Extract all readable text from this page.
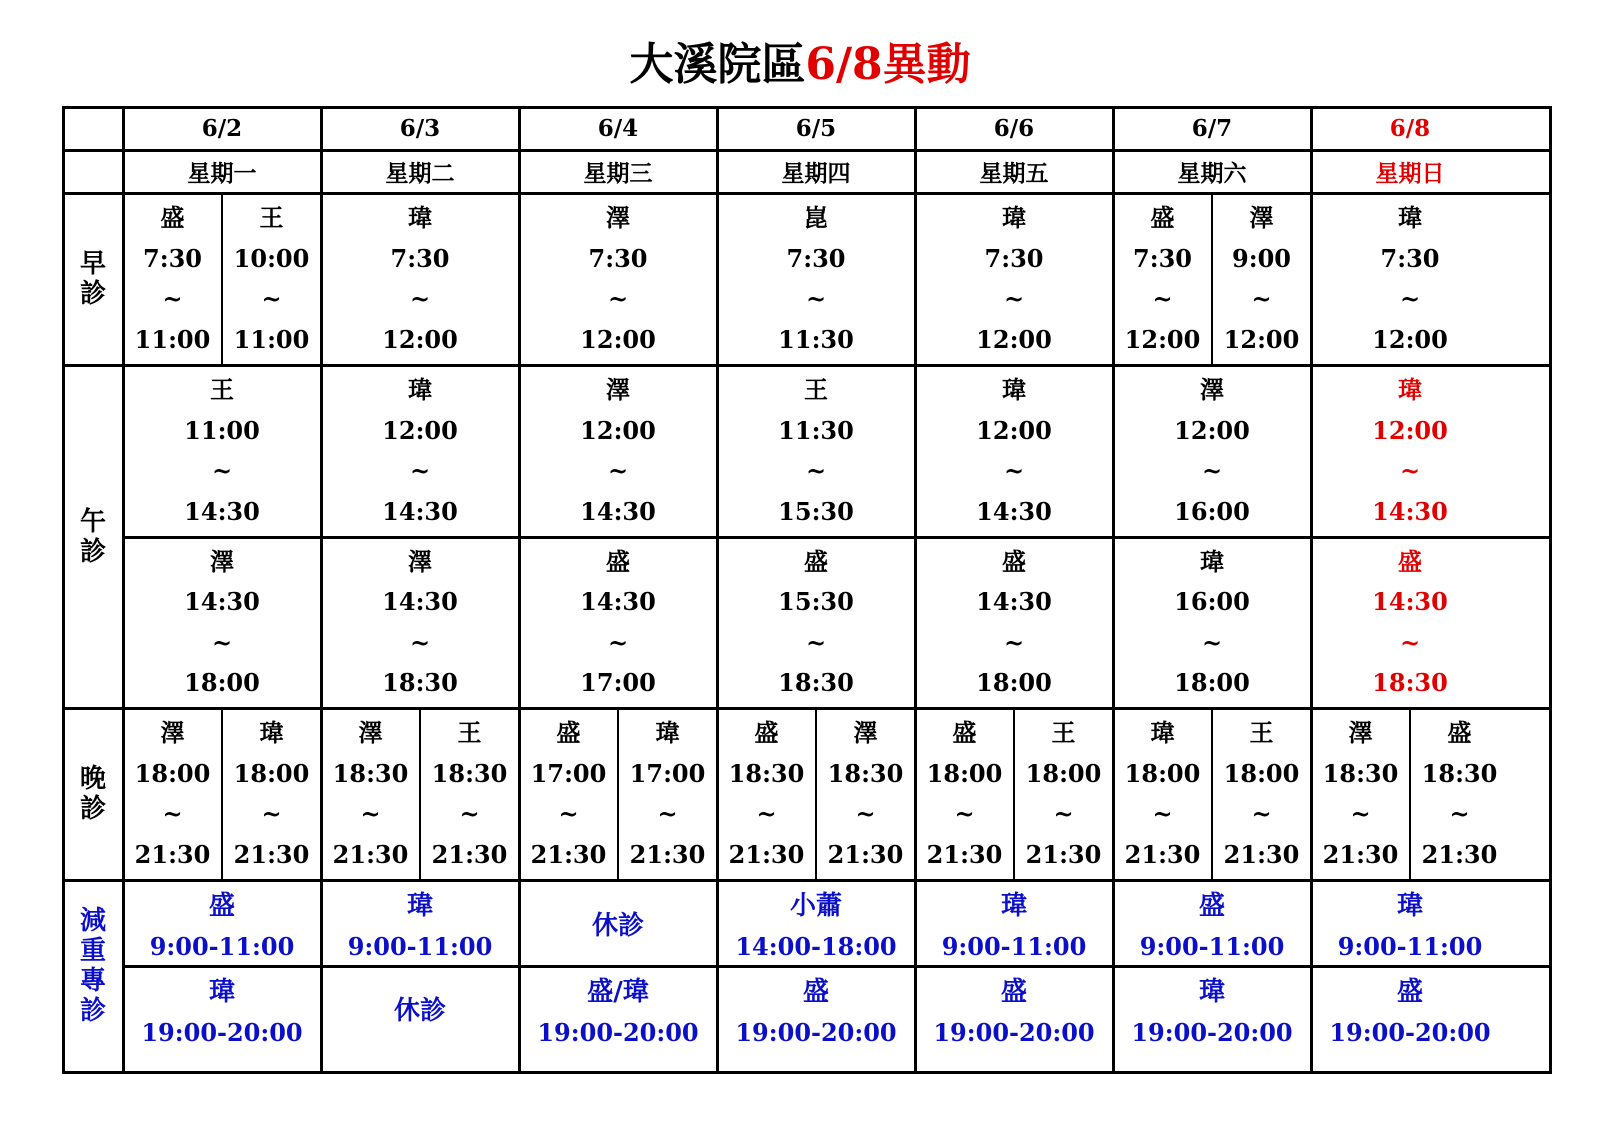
大溪院區6/8異動
6/2
星期一
6/3
星期二
6/4
星期三
6/5
星期四
6/6
星期五
6/7
星期六
6/8
星期日
早
診
午
診
晚
診
減
重
專
診
盛
7:30
~
11:00
王
10:00
~
11:00
瑋
7:30
~
12:00
澤
7:30
~
12:00
崑
7:30
~
11:30
瑋
7:30
~
12:00
盛
7:30
~
12:00
澤
9:00
~
12:00
瑋
7:30
~
12:00
王
11:00
~
14:30
澤
14:30
~
18:00
瑋
12:00
~
14:30
澤
14:30
~
18:30
澤
12:00
~
14:30
盛
14:30
~
17:00
王
11:30
~
15:30
盛
15:30
~
18:30
瑋
12:00
~
14:30
盛
14:30
~
18:00
澤
12:00
~
16:00
瑋
16:00
~
18:00
瑋
12:00
~
14:30
盛
14:30
~
18:30
澤
18:00
~
21:30
瑋
18:00
~
21:30
澤
18:30
~
21:30
王
18:30
~
21:30
盛
17:00
~
21:30
瑋
17:00
~
21:30
盛
18:30
~
21:30
澤
18:30
~
21:30
盛
18:00
~
21:30
王
18:00
~
21:30
瑋
18:00
~
21:30
王
18:00
~
21:30
澤
18:30
~
21:30
盛
18:30
~
21:30
盛
9:00-11:00
瑋
9:00-11:00
休診
小蕭
14:00-18:00
瑋
9:00-11:00
盛
9:00-11:00
瑋
9:00-11:00
瑋
19:00-20:00
休診
盛/瑋
19:00-20:00
盛
19:00-20:00
盛
19:00-20:00
瑋
19:00-20:00
盛
19:00-20:00
